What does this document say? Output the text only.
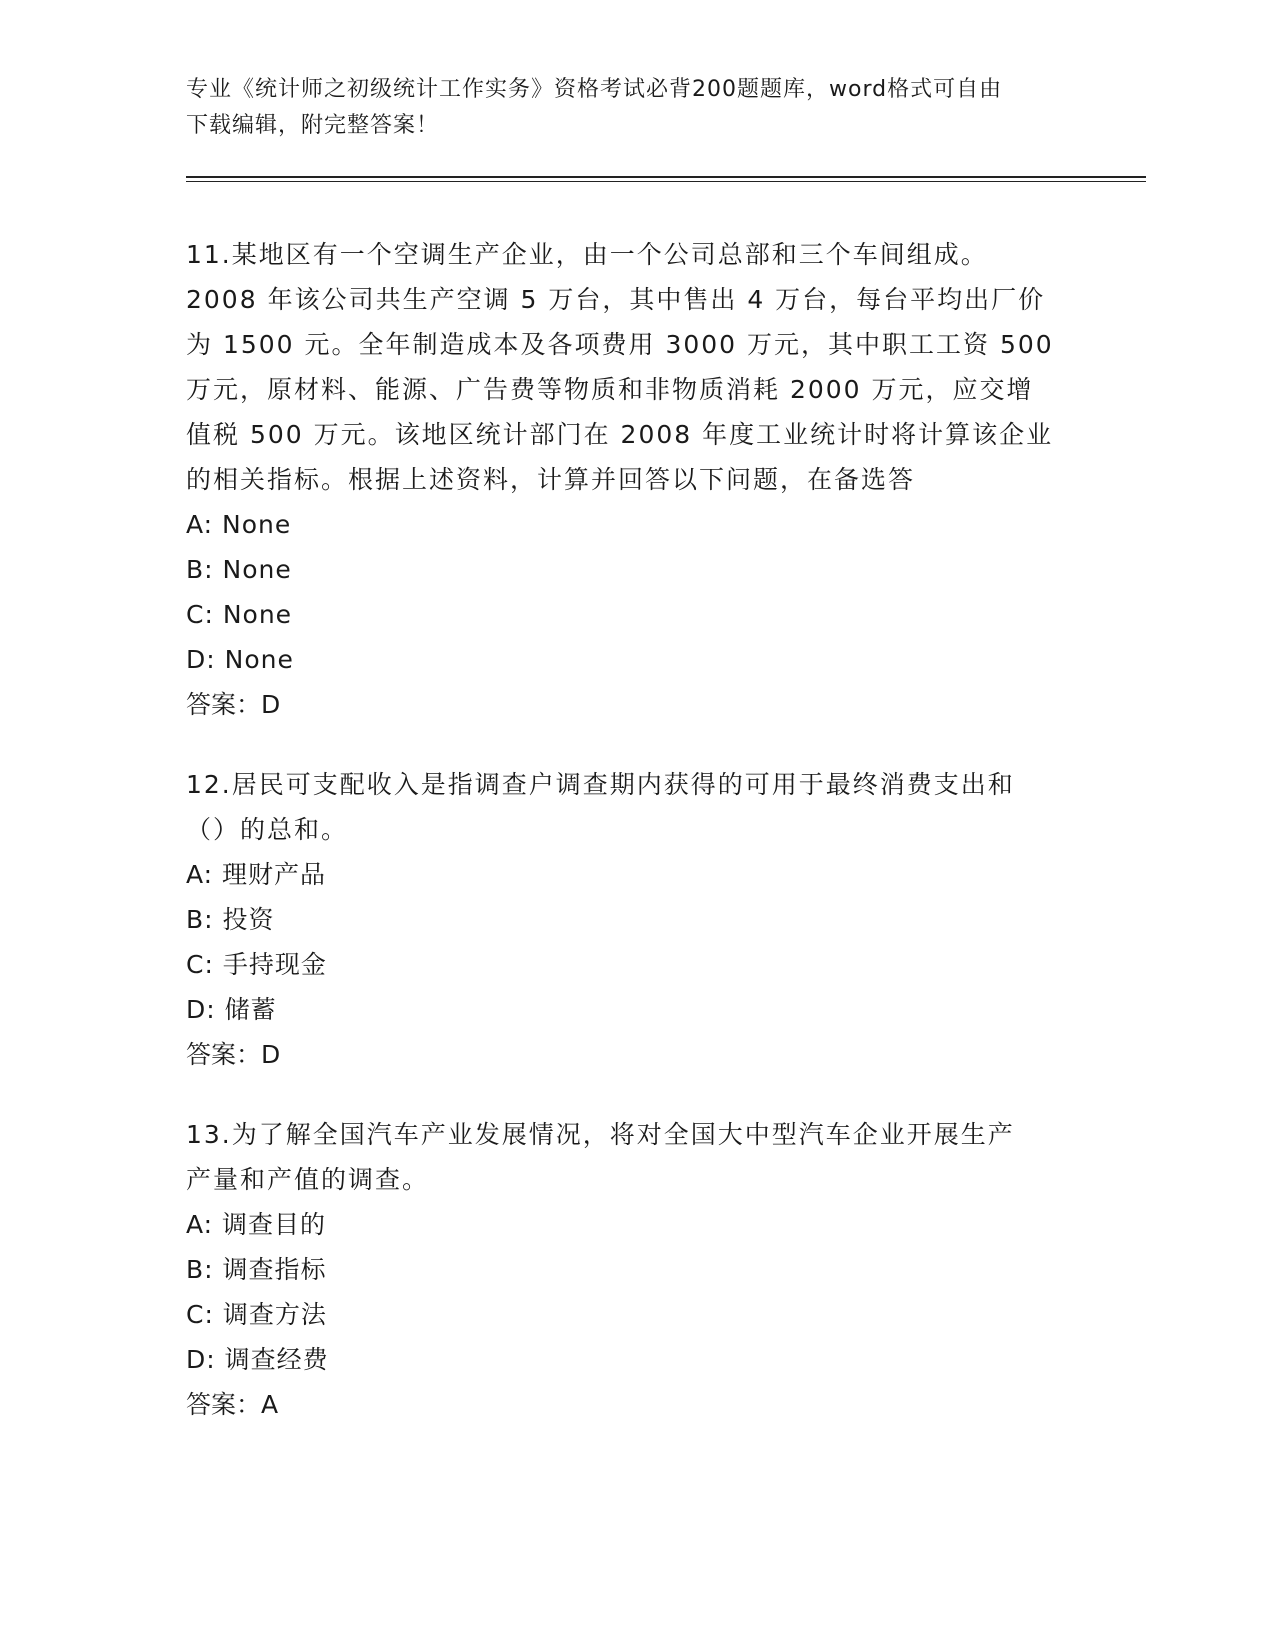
专业《统计师之初级统计工作实务》资格考试必背200题题库，word格式可自由
下载编辑，附完整答案！
11.某地区有一个空调生产企业，由一个公司总部和三个车间组成。
2008 年该公司共生产空调 5 万台，其中售出 4 万台，每台平均出厂价
为 1500 元。全年制造成本及各项费用 3000 万元，其中职工工资 500
万元，原材料、能源、广告费等物质和非物质消耗 2000 万元，应交增
值税 500 万元。该地区统计部门在 2008 年度工业统计时将计算该企业
的相关指标。根据上述资料，计算并回答以下问题，在备选答
A: None
B: None
C: None
D: None
答案：D
12.居民可支配收入是指调查户调查期内获得的可用于最终消费支出和
（）的总和。
A: 理财产品
B: 投资
C: 手持现金
D: 储蓄
答案：D
13.为了解全国汽车产业发展情况，将对全国大中型汽车企业开展生产
产量和产值的调查。
A: 调查目的
B: 调查指标
C: 调查方法
D: 调查经费
答案：A
